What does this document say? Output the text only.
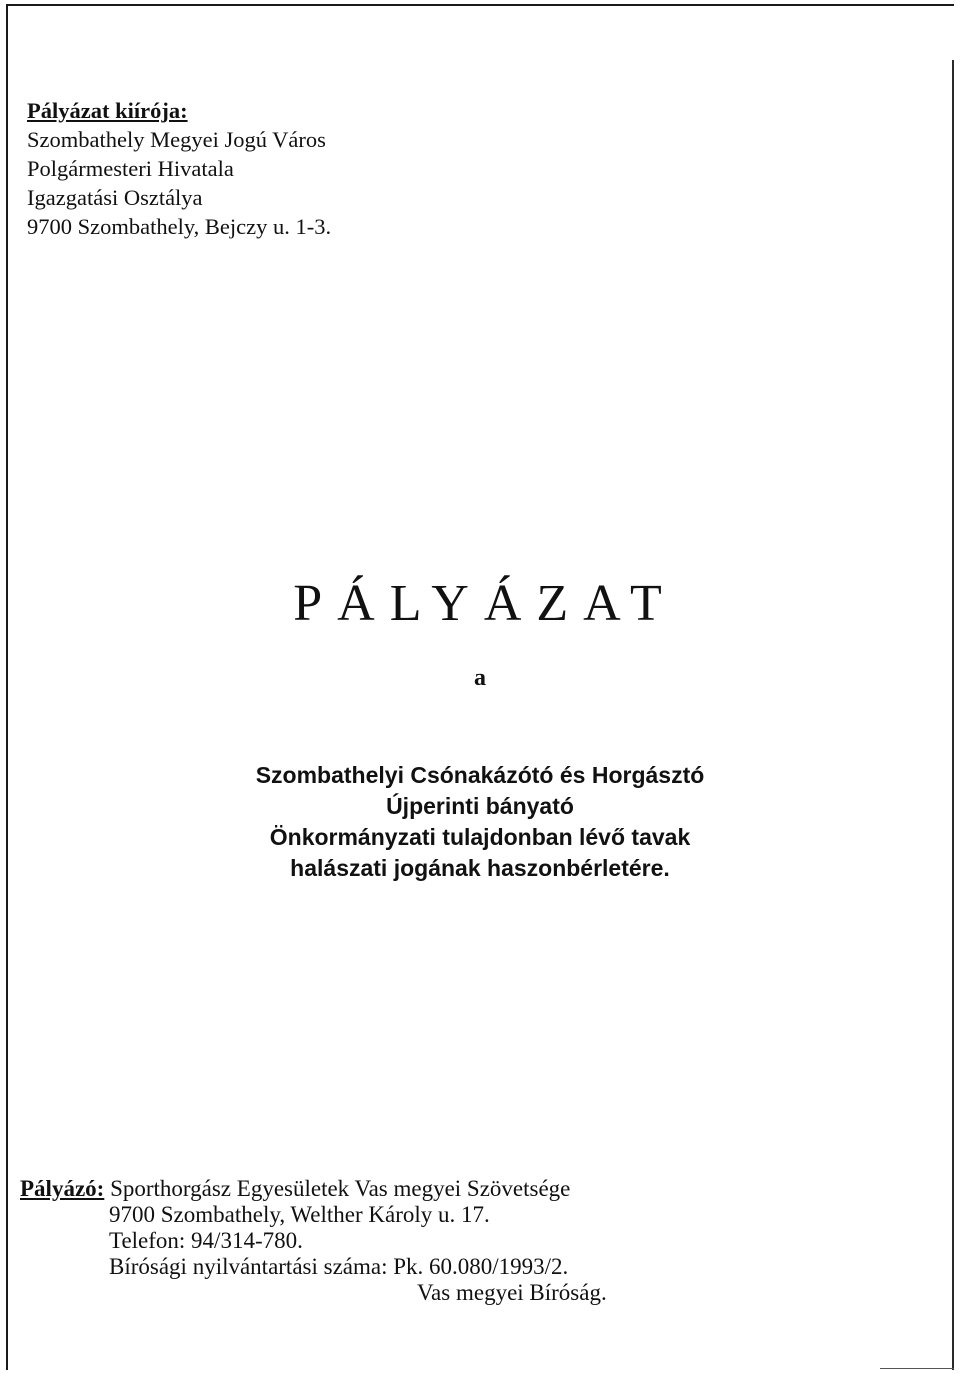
Pályázat kiírója:
Szombathely Megyei Jogú Város
Polgármesteri Hivatala
Igazgatási Osztálya
9700 Szombathely, Bejczy u. 1-3.
PÁLYÁZAT
a
Szombathelyi Csónakázótó és Horgásztó
Újperinti bányató
Önkormányzati tulajdonban lévő tavak
halászati jogának haszonbérletére.
Pályázó: Sporthorgász Egyesületek Vas megyei Szövetsége
9700 Szombathely, Welther Károly u. 17.
Telefon: 94/314-780.
Bírósági nyilvántartási száma: Pk. 60.080/1993/2.
Vas megyei Bíróság.
